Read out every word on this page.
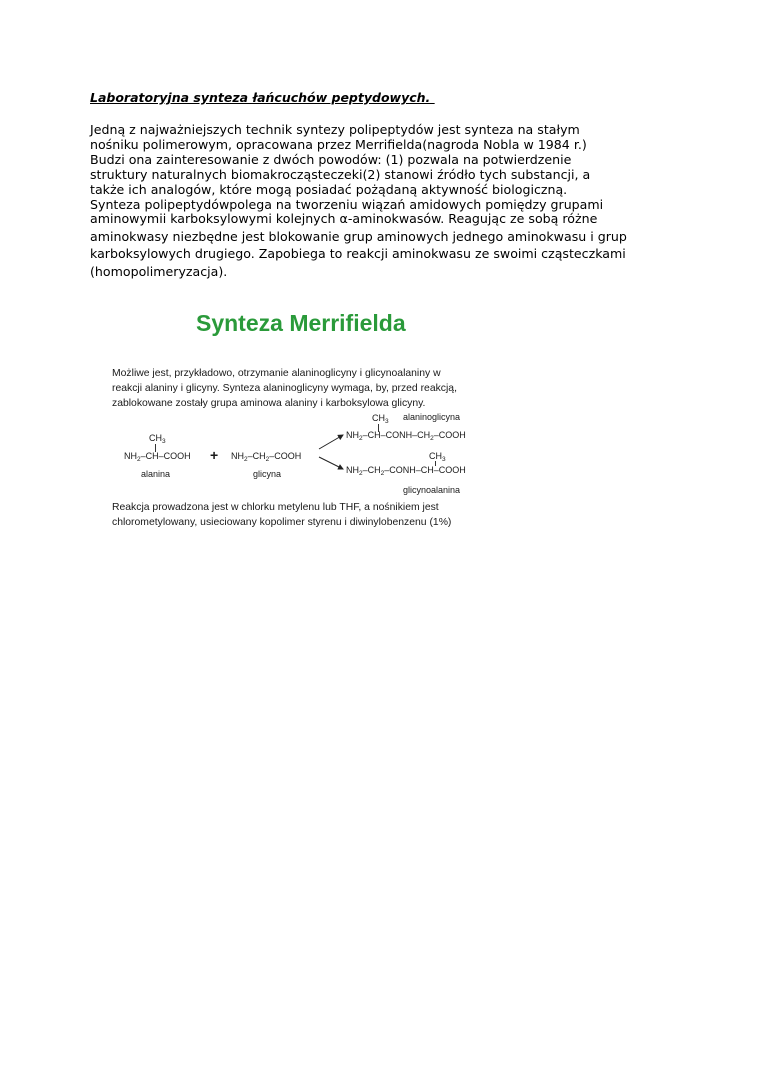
Laboratoryjna synteza łańcuchów peptydowych.

Jedną z najważniejszych technik syntezy polipeptydów jest synteza na stałym
nośniku polimerowym, opracowana przez Merrifielda(nagroda Nobla w 1984 r.)
Budzi ona zainteresowanie z dwóch powodów: (1) pozwala na potwierdzenie
struktury naturalnych biomakrocząsteczeki(2) stanowi źródło tych substancji, a
także ich analogów, które mogą posiadać pożądaną aktywność biologiczną.
Synteza polipeptydówpolega na tworzeniu wiązań amidowych pomiędzy grupami
aminowymii karboksylowymi kolejnych α-aminokwasów. Reagując ze sobą różne
aminokwasy niezbędne jest blokowanie grup aminowych jednego aminokwasu i grup
karboksylowych drugiego. Zapobiega to reakcji aminokwasu ze swoimi cząsteczkami
(homopolimeryzacja).
Synteza Merrifielda
Możliwe jest, przykładowo, otrzymanie alaninoglicyny i glicynoalaniny w
reakcji alaniny i glicyny. Synteza alaninoglicyny wymaga, by, przed reakcją,
zablokowane zostały grupa aminowa alaniny i karboksylowa glicyny.
$CH_3$
$NH_2-CH$–COOH
alanina
+ $NH_2-CH_2$–COOH
glicyna
$CH_3$ alaninoglicyna
$NH_2-CH-CONH-CH_2$–COOH
$CH_3$
$NH_2-CH_2-CONH-CH$–COOH
glicynoalanina
Reakcja prowadzona jest w chlorku metylenu lub THF, a nośnikiem jest
chlorometylowany, usieciowany kopolimer styrenu i diwinylobenzenu (1%)
